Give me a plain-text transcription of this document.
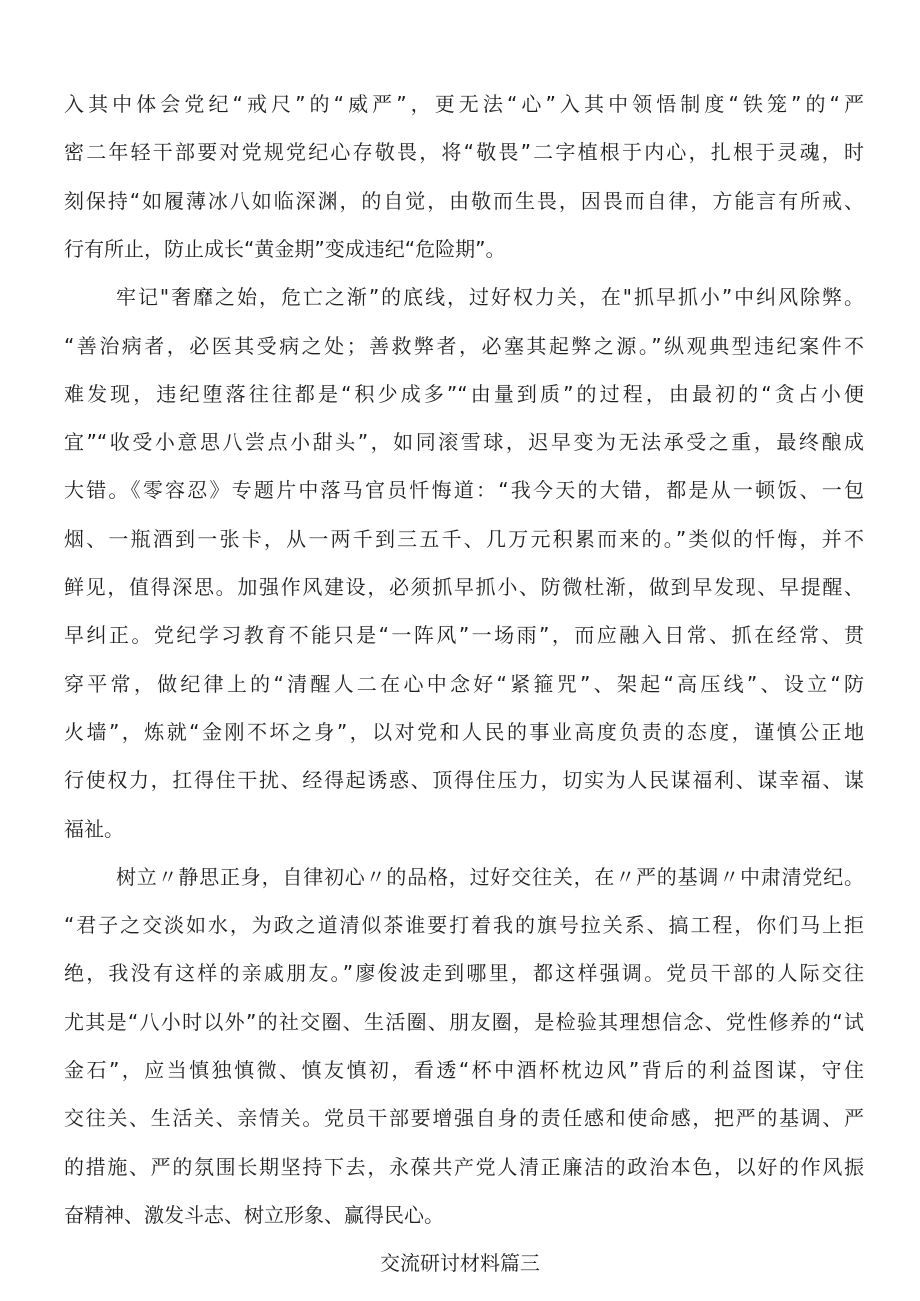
入其中体会党纪“戒尺”的“威严”，更无法“心”入其中领悟制度“铁笼”的“严
密二年轻干部要对党规党纪心存敬畏，将“敬畏”二字植根于内心，扎根于灵魂，时
刻保持“如履薄冰八如临深渊，的自觉，由敬而生畏，因畏而自律，方能言有所戒、
行有所止，防止成长“黄金期”变成违纪“危险期”。
牢记"奢靡之始，危亡之渐”的底线，过好权力关，在"抓早抓小”中纠风除弊。
“善治病者，必医其受病之处；善救弊者，必塞其起弊之源。”纵观典型违纪案件不
难发现，违纪堕落往往都是“积少成多”“由量到质”的过程，由最初的“贪占小便
宜”“收受小意思八尝点小甜头”，如同滚雪球，迟早变为无法承受之重，最终酿成
大错。《零容忍》专题片中落马官员忏悔道：“我今天的大错，都是从一顿饭、一包
烟、一瓶酒到一张卡，从一两千到三五千、几万元积累而来的。”类似的忏悔，并不
鲜见，值得深思。加强作风建设，必须抓早抓小、防微杜渐，做到早发现、早提醒、
早纠正。党纪学习教育不能只是“一阵风”一场雨”，而应融入日常、抓在经常、贯
穿平常，做纪律上的“清醒人二在心中念好“紧箍咒”、架起“高压线”、设立“防
火墙”，炼就“金刚不坏之身”，以对党和人民的事业高度负责的态度，谨慎公正地
行使权力，扛得住干扰、经得起诱惑、顶得住压力，切实为人民谋福利、谋幸福、谋
福祉。
树立〃静思正身，自律初心〃的品格，过好交往关，在〃严的基调〃中肃清党纪。
“君子之交淡如水，为政之道清似茶谁要打着我的旗号拉关系、搞工程，你们马上拒
绝，我没有这样的亲戚朋友。”廖俊波走到哪里，都这样强调。党员干部的人际交往
尤其是“八小时以外”的社交圈、生活圈、朋友圈，是检验其理想信念、党性修养的“试
金石”，应当慎独慎微、慎友慎初，看透“杯中酒杯枕边风”背后的利益图谋，守住
交往关、生活关、亲情关。党员干部要增强自身的责任感和使命感，把严的基调、严
的措施、严的氛围长期坚持下去，永葆共产党人清正廉洁的政治本色，以好的作风振
奋精神、激发斗志、树立形象、赢得民心。
交流研讨材料篇三
